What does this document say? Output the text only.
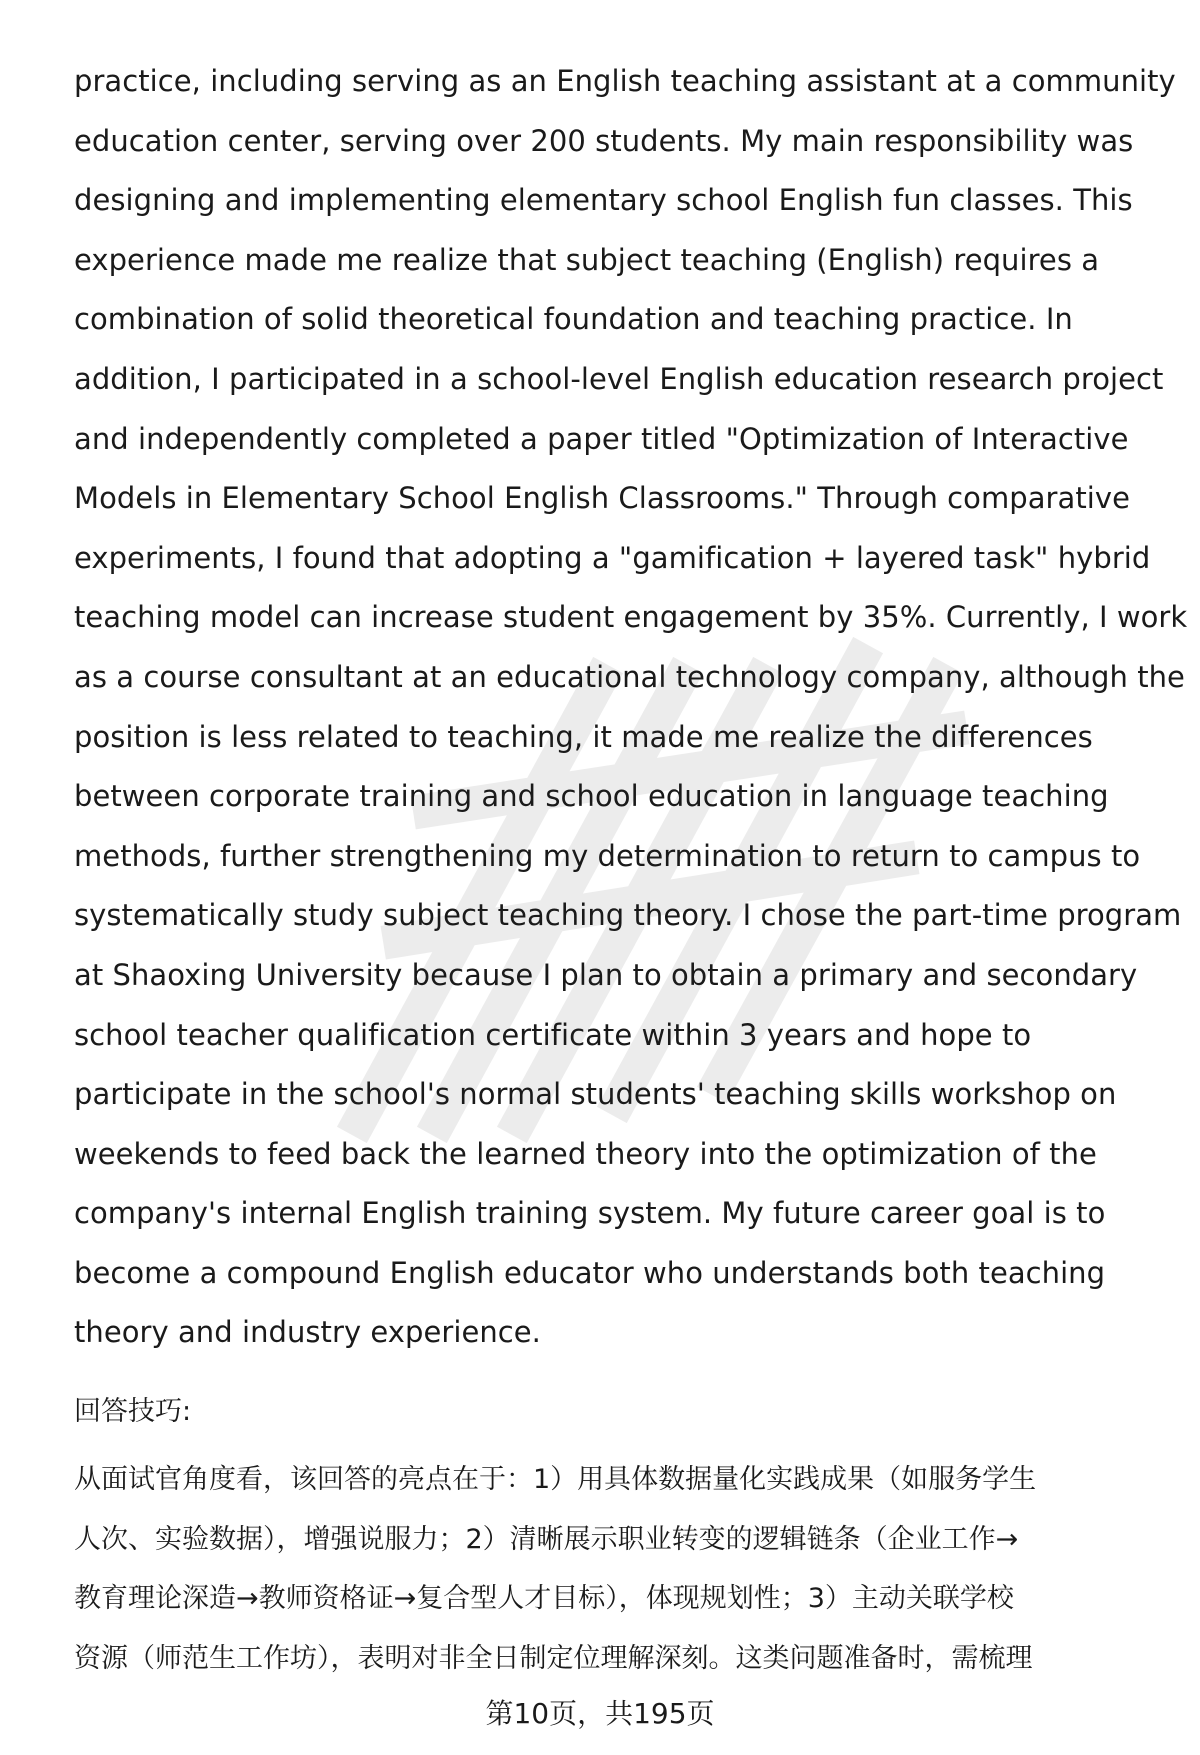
practice, including serving as an English teaching assistant at a community
education center, serving over 200 students. My main responsibility was
designing and implementing elementary school English fun classes. This
experience made me realize that subject teaching (English) requires a
combination of solid theoretical foundation and teaching practice. In
addition, I participated in a school-level English education research project
and independently completed a paper titled "Optimization of Interactive
Models in Elementary School English Classrooms." Through comparative
experiments, I found that adopting a "gamification + layered task" hybrid
teaching model can increase student engagement by 35%. Currently, I work
as a course consultant at an educational technology company, although the
position is less related to teaching, it made me realize the differences
between corporate training and school education in language teaching
methods, further strengthening my determination to return to campus to
systematically study subject teaching theory. I chose the part-time program
at Shaoxing University because I plan to obtain a primary and secondary
school teacher qualification certificate within 3 years and hope to
participate in the school's normal students' teaching skills workshop on
weekends to feed back the learned theory into the optimization of the
company's internal English training system. My future career goal is to
become a compound English educator who understands both teaching
theory and industry experience.
回答技巧:
从面试官角度看，该回答的亮点在于：1）用具体数据量化实践成果（如服务学生
人次、实验数据），增强说服力；2）清晰展示职业转变的逻辑链条（企业工作→
教育理论深造→教师资格证→复合型人才目标），体现规划性；3）主动关联学校
资源（师范生工作坊），表明对非全日制定位理解深刻。这类问题准备时，需梳理
第10页，共195页
